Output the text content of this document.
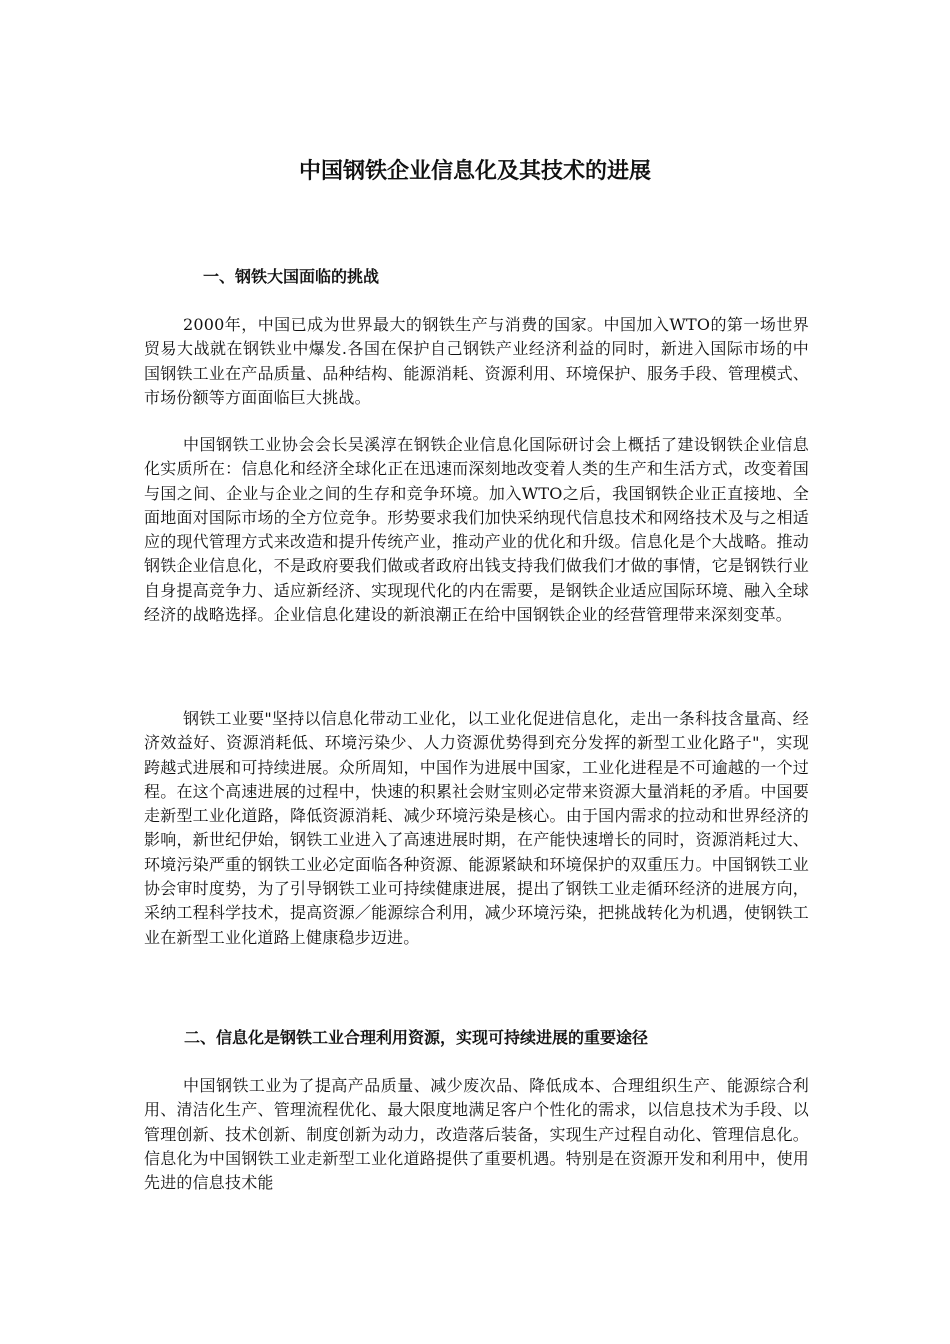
中国钢铁企业信息化及其技术的进展
一、钢铁大国面临的挑战

2000年，中国已成为世界最大的钢铁生产与消费的国家。中国加入WTO的第一场世界贸易大战就在钢铁业中爆发.各国在保护自己钢铁产业经济利益的同时，新进入国际市场的中国钢铁工业在产品质量、品种结构、能源消耗、资源利用、环境保护、服务手段、管理模式、市场份额等方面面临巨大挑战。

中国钢铁工业协会会长吴溪淳在钢铁企业信息化国际研讨会上概括了建设钢铁企业信息化实质所在：信息化和经济全球化正在迅速而深刻地改变着人类的生产和生活方式，改变着国与国之间、企业与企业之间的生存和竞争环境。加入WTO之后，我国钢铁企业正直接地、全面地面对国际市场的全方位竞争。形势要求我们加快采纳现代信息技术和网络技术及与之相适应的现代管理方式来改造和提升传统产业，推动产业的优化和升级。信息化是个大战略。推动钢铁企业信息化，不是政府要我们做或者政府出钱支持我们做我们才做的事情，它是钢铁行业自身提高竞争力、适应新经济、实现现代化的内在需要，是钢铁企业适应国际环境、融入全球经济的战略选择。企业信息化建设的新浪潮正在给中国钢铁企业的经营管理带来深刻变革。

钢铁工业要"坚持以信息化带动工业化，以工业化促进信息化，走出一条科技含量高、经济效益好、资源消耗低、环境污染少、人力资源优势得到充分发挥的新型工业化路子"，实现跨越式进展和可持续进展。众所周知，中国作为进展中国家，工业化进程是不可逾越的一个过程。在这个高速进展的过程中，快速的积累社会财宝则必定带来资源大量消耗的矛盾。中国要走新型工业化道路，降低资源消耗、减少环境污染是核心。由于国内需求的拉动和世界经济的影响，新世纪伊始，钢铁工业进入了高速进展时期，在产能快速增长的同时，资源消耗过大、环境污染严重的钢铁工业必定面临各种资源、能源紧缺和环境保护的双重压力。中国钢铁工业协会审时度势，为了引导钢铁工业可持续健康进展，提出了钢铁工业走循环经济的进展方向，采纳工程科学技术，提高资源／能源综合利用，减少环境污染，把挑战转化为机遇，使钢铁工业在新型工业化道路上健康稳步迈进。

二、信息化是钢铁工业合理利用资源，实现可持续进展的重要途径

中国钢铁工业为了提高产品质量、减少废次品、降低成本、合理组织生产、能源综合利用、清洁化生产、管理流程优化、最大限度地满足客户个性化的需求，以信息技术为手段、以管理创新、技术创新、制度创新为动力，改造落后装备，实现生产过程自动化、管理信息化。信息化为中国钢铁工业走新型工业化道路提供了重要机遇。特别是在资源开发和利用中，使用先进的信息技术能
